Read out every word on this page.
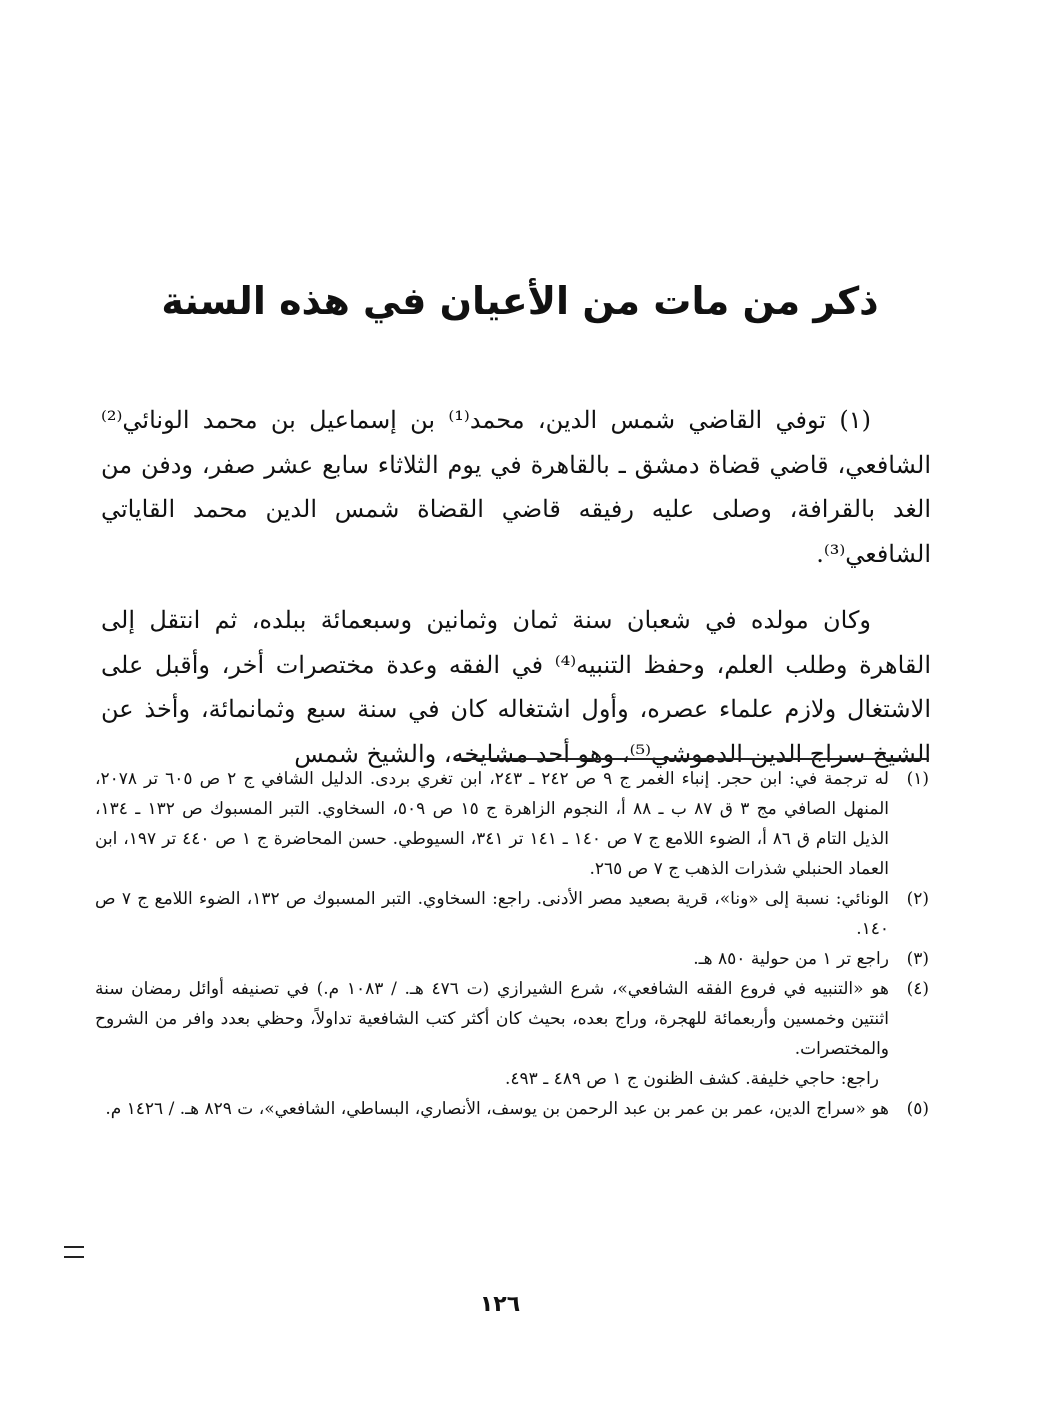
ذكر من مات من الأعيان في هذه السنة

(١) توفي القاضي شمس الدين، محمد⁽¹⁾ بن إسماعيل بن محمد الونائي⁽²⁾ الشافعي، قاضي قضاة دمشق ـ بالقاهرة في يوم الثلاثاء سابع عشر صفر، ودفن من الغد بالقرافة، وصلى عليه رفيقه قاضي القضاة شمس الدين محمد القاياتي الشافعي⁽³⁾.

وكان مولده في شعبان سنة ثمان وثمانين وسبعمائة ببلده، ثم انتقل إلى القاهرة وطلب العلم، وحفظ التنبيه⁽⁴⁾ في الفقه وعدة مختصرات أخر، وأقبل على الاشتغال ولازم علماء عصره، وأول اشتغاله كان في سنة سبع وثمانمائة، وأخذ عن الشيخ سراج الدين الدموشي⁽⁵⁾، وهو أحد مشايخه، والشيخ شمس

(١)
له ترجمة في: ابن حجر. إنباء الغمر ج ٩ ص ٢٤٢ ـ ٢٤٣، ابن تغري بردى. الدليل الشافي ج ٢ ص ٦٠٥ تر ٢٠٧٨، المنهل الصافي مج ٣ ق ٨٧ ب ـ ٨٨ أ، النجوم الزاهرة ج ١٥ ص ٥٠٩، السخاوي. التبر المسبوك ص ١٣٢ ـ ١٣٤، الذيل التام ق ٨٦ أ، الضوء اللامع ج ٧ ص ١٤٠ ـ ١٤١ تر ٣٤١، السيوطي. حسن المحاضرة ج ١ ص ٤٤٠ تر ١٩٧، ابن العماد الحنبلي شذرات الذهب ج ٧ ص ٢٦٥.
(٢)
الونائي: نسبة إلى «ونا»، قرية بصعيد مصر الأدنى. راجع: السخاوي. التبر المسبوك ص ١٣٢، الضوء اللامع ج ٧ ص ١٤٠.
(٣)
راجع تر ١ من حولية ٨٥٠ هـ.
(٤)
هو «التنبيه في فروع الفقه الشافعي»، شرع الشيرازي (ت ٤٧٦ هـ. / ١٠٨٣ م.) في تصنيفه أوائل رمضان سنة اثنتين وخمسين وأربعمائة للهجرة، وراج بعده، بحيث كان أكثر كتب الشافعية تداولاً، وحظي بعدد وافر من الشروح والمختصرات.
راجع: حاجي خليفة. كشف الظنون ج ١ ص ٤٨٩ ـ ٤٩٣.
(٥)
هو «سراج الدين، عمر بن عمر بن عبد الرحمن بن يوسف، الأنصاري، البساطي، الشافعي»، ت ٨٢٩ هـ. / ١٤٢٦ م.
١٢٦
